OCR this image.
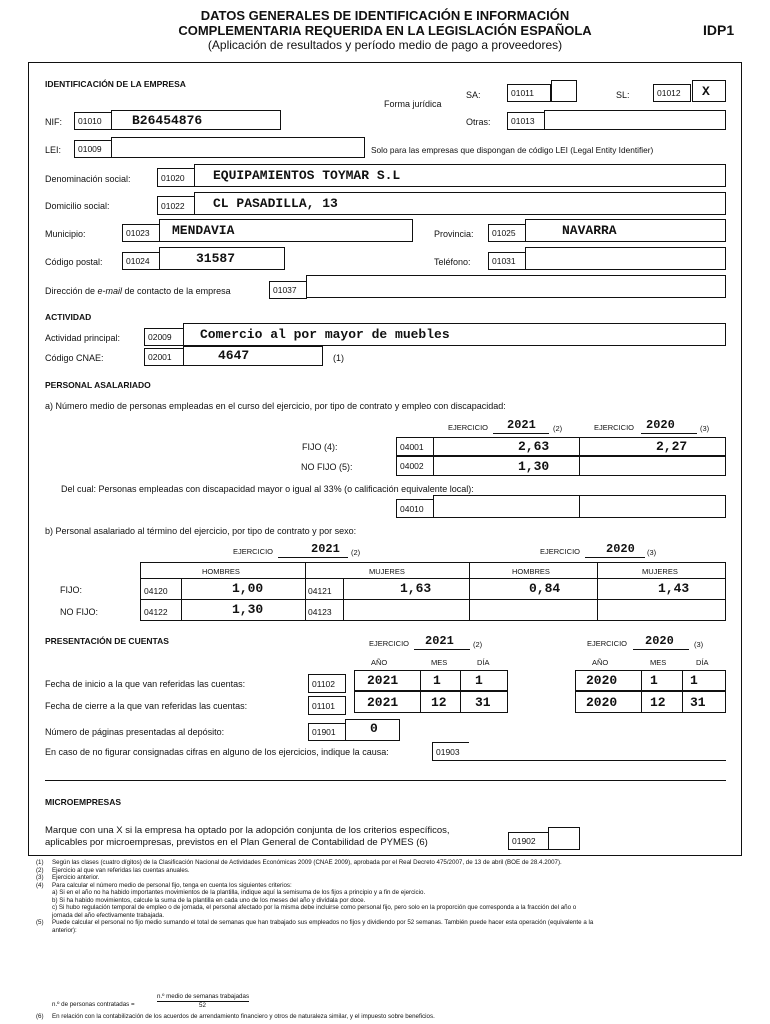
DATOS GENERALES DE IDENTIFICACIÓN E INFORMACIÓN
COMPLEMENTARIA REQUERIDA EN LA LEGISLACIÓN ESPAÑOLA
(Aplicación de resultados y período medio de pago a proveedores)
IDP1
IDENTIFICACIÓN DE LA EMPRESA
Forma jurídica
SA:	01011	SL:	01012	X
NIF:	01010	B26454876	Otras:	01013
LEI:	01009	Solo para las empresas que dispongan de código LEI (Legal Entity Identifier)
Denominación social:	01020	EQUIPAMIENTOS TOYMAR S.L
Domicilio social:	01022	CL PASADILLA, 13
Municipio:	01023	MENDAVIA	Provincia:	01025	NAVARRA
Código postal:	01024	31587	Teléfono:	01031
Dirección de e-mail de contacto de la empresa	01037
ACTIVIDAD
Actividad principal:	02009	Comercio al por mayor de muebles
Código CNAE:	02001	4647	(1)
PERSONAL ASALARIADO
a) Número medio de personas empleadas en el curso del ejercicio, por tipo de contrato y empleo con discapacidad:
EJERCICIO 2021 (2)	EJERCICIO 2020	(3)
FIJO (4):	04001	2,63	2,27
NO FIJO (5):	04002	1,30
Del cual: Personas empleadas con discapacidad mayor o igual al 33% (o calificación equivalente local):
04010
b) Personal asalariado al término del ejercicio, por tipo de contrato y por sexo:
EJERCICIO	2021 (2)	EJERCICIO 2020 (3)
HOMBRES	MUJERES	HOMBRES	MUJERES
FIJO:	04120	1,00	04121	1,63	0,84	1,43
NO FIJO:	04122	1,30	04123
PRESENTACIÓN DE CUENTAS	EJERCICIO 2021	(2)	EJERCICIO 2020	(3)
AÑO	MES	DÍA	AÑO	MES	DÍA
Fecha de inicio a la que van referidas las cuentas:	01102	2021	1	1	2020	1 1
Fecha de cierre a la que van referidas las cuentas:	01101	2021	12 31	2020	12 31
Número de páginas presentadas al depósito:	01901	0
En caso de no figurar consignadas cifras en alguno de los ejercicios, indique la causa:	01903
MICROEMPRESAS
Marque con una X si la empresa ha optado por la adopción conjunta de los criterios específicos,
aplicables por microempresas, previstos en el Plan General de Contabilidad de PYMES (6)	01902
(1)	Según las clases (cuatro dígitos) de la Clasificación Nacional de Actividades Económicas 2009 (CNAE 2009), aprobada por el Real Decreto 475/2007, de 13 de abril (BOE de 28.4.2007).
(2)	Ejercicio al que van referidas las cuentas anuales.
(3)	Ejercicio anterior.
(4)	Para calcular el número medio de personal fijo, tenga en cuenta los siguientes criterios:
a) Si en el año no ha habido importantes movimientos de la plantilla, indique aquí la semisuma de los fijos a principio y a fin de ejercicio.
b) Si ha habido movimientos, calcule la suma de la plantilla en cada uno de los meses del año y divídala por doce.
c) Si hubo regulación temporal de empleo o de jornada, el personal afectado por la misma debe incluirse como personal fijo, pero solo en la proporción que corresponda a la fracción del año o
jornada del año efectivamente trabajada.
(5)	Puede calcular el personal no fijo medio sumando el total de semanas que han trabajado sus empleados no fijos y dividiendo por 52 semanas. También puede hacer esta operación (equivalente a la
anterior):
n.º de personas contratadas =
n.º medio de semanas trabajadas
52
(6)	En relación con la contabilización de los acuerdos de arrendamiento financiero y otros de naturaleza similar, y el impuesto sobre beneficios.
